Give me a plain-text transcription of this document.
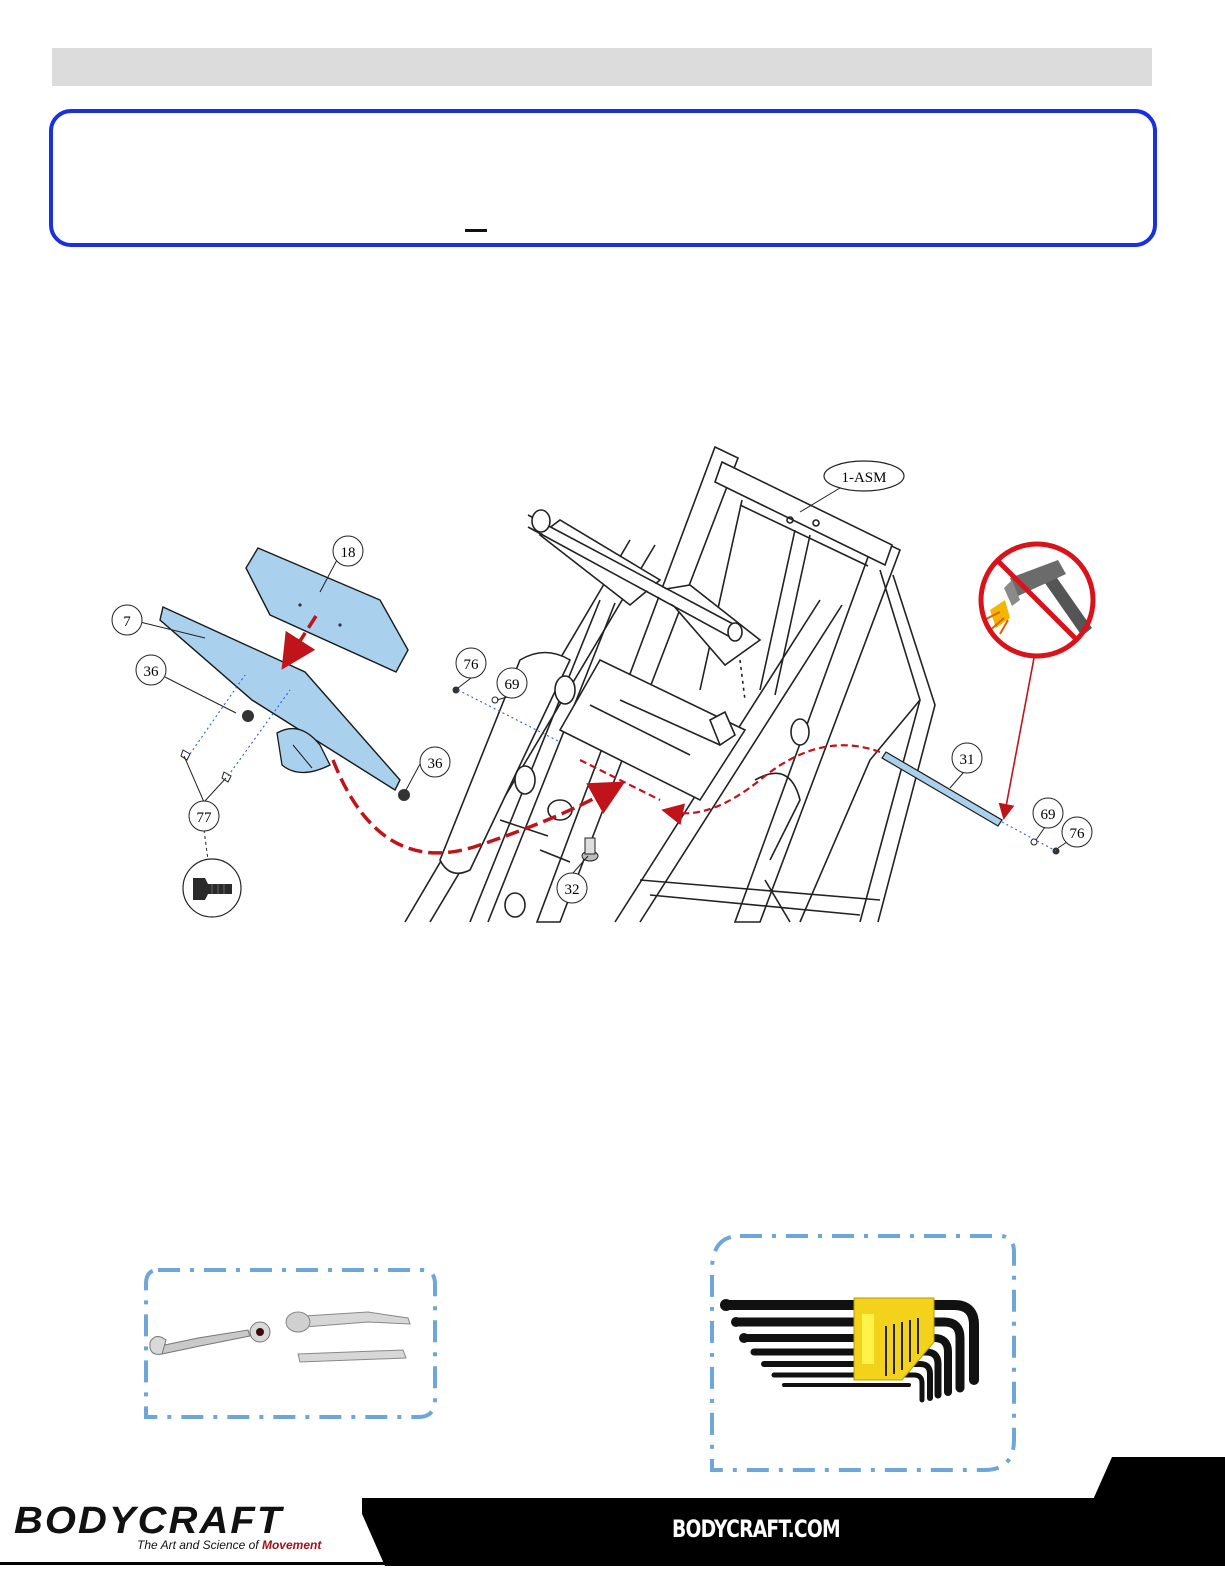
1-ASM
18
7
36
36
77
76
69
31
69
76
32
BODYCRAFT
The Art and Science of Movement
BODYCRAFT.COM
